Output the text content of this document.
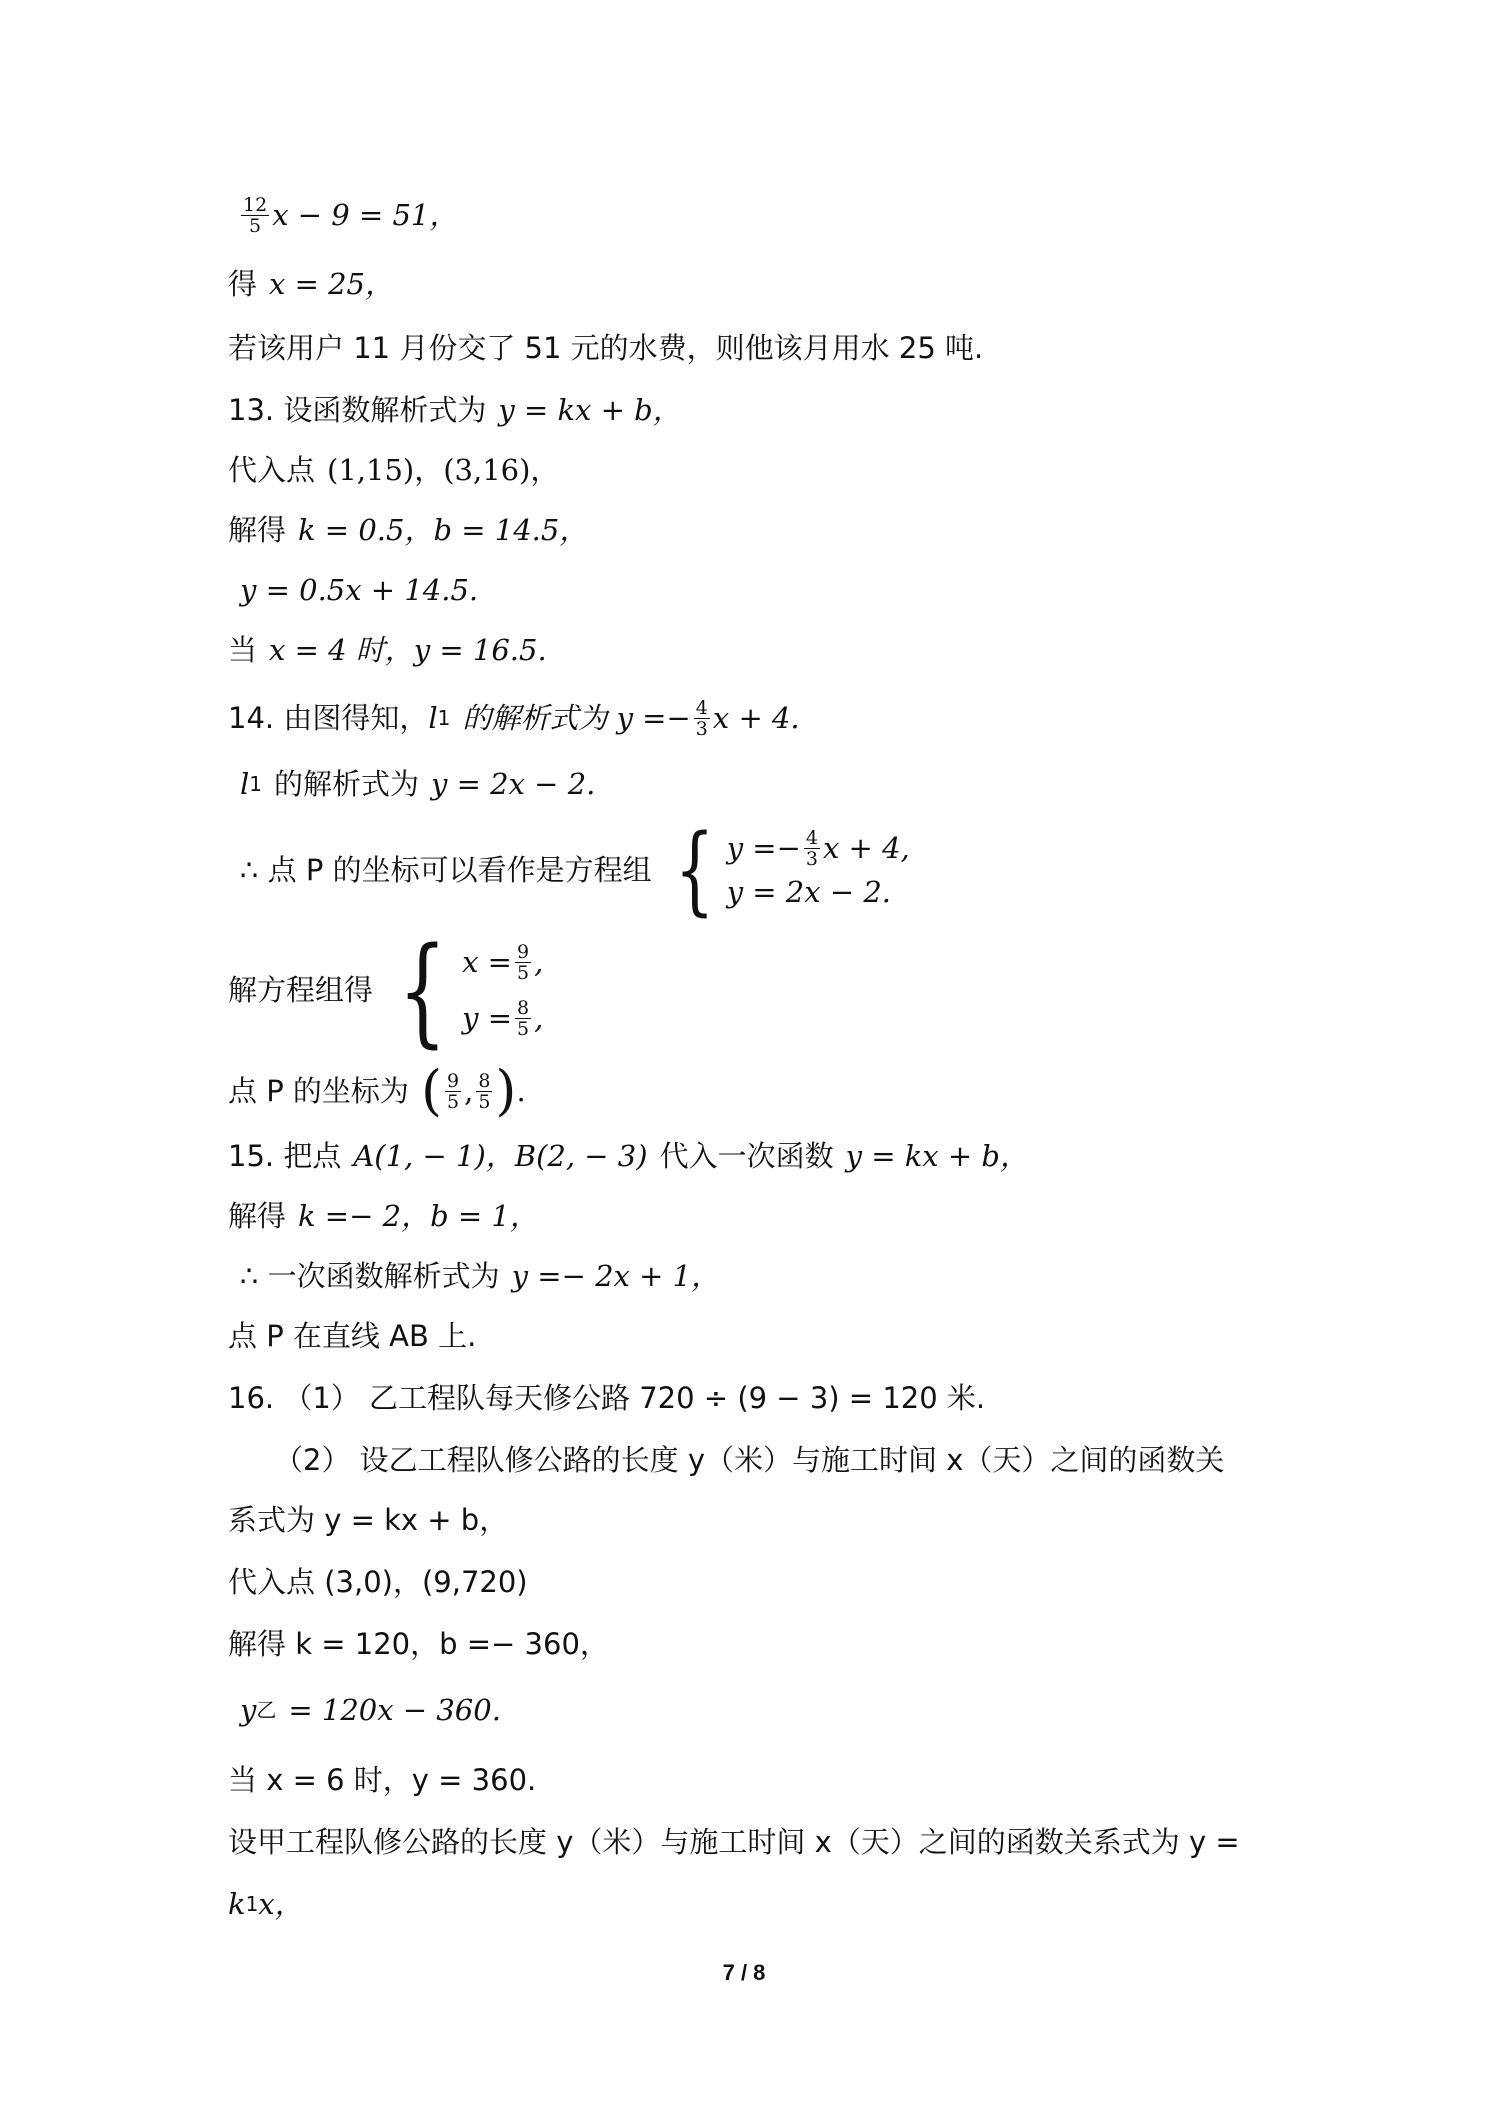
$\frac{12}{5}$ x − 9 = 51，
得 x = 25，
若该用户 11 月份交了 51 元的水费，则他该月用水 25 吨.
13. 设函数解析式为 y = kx + b，
代入点 (1,15)，(3,16)，
解得 k = 0.5，b = 14.5，
y = 0.5x + 14.5.
当 x = 4 时，y = 16.5.
14. 由图得知， l 1 的解析式为 $y =- \frac{4}{3}$ x + 4.
l 1 的解析式为 y = 2x − 2.
∴ 点 P 的坐标可以看作是方程组 { $y =- \frac{4}{3}$ x + 4,
y = 2x − 2.
解方程组得 { $x = \frac{9}{5}$ ,
$y = \frac{8}{5}$ ,
点 P 的坐标为 ( $\frac{9}{5}$ , $\frac{8}{5}$ ) .
15. 把点 A(1, − 1)，B(2, − 3) 代入一次函数 y = kx + b，
解得 k =− 2，b = 1，
∴ 一次函数解析式为 y =− 2x + 1，
点 P 在直线 AB 上.
16. （1） 乙工程队每天修公路 720 ÷ (9 − 3) = 120 米.
（2） 设乙工程队修公路的长度 y（米）与施工时间 x（天）之间的函数关
系式为 y = kx + b，
代入点 (3,0)，(9,720)
解得 k = 120，b =− 360，
y 乙 = 120x − 360.
当 x = 6 时，y = 360.
设甲工程队修公路的长度 y（米）与施工时间 x（天）之间的函数关系式为 y =
k 1 x，
7 / 8
